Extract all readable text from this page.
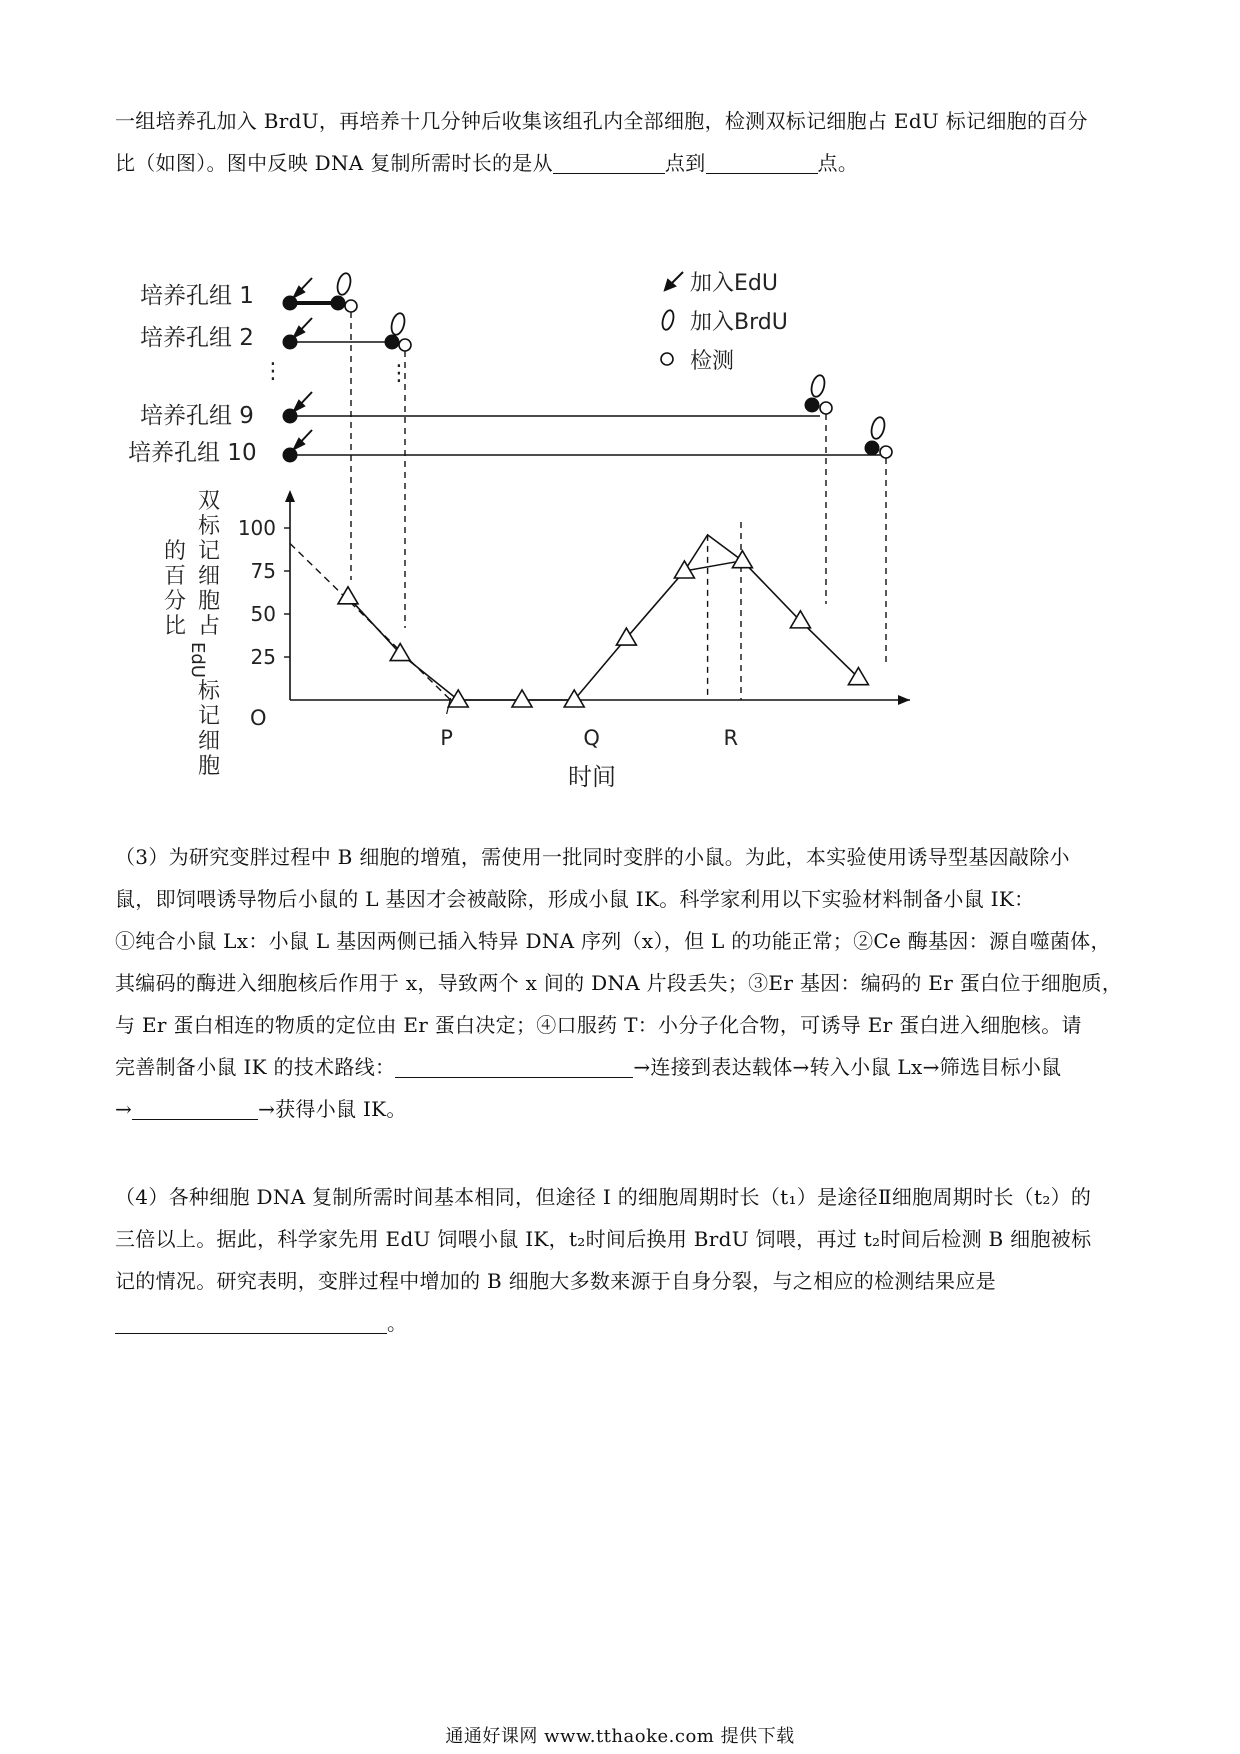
一组培养孔加入 BrdU，再培养十几分钟后收集该组孔内全部细胞，检测双标记细胞占 EdU 标记细胞的百分

比（如图）。图中反映 DNA 复制所需时长的是从	点到	点。

培养孔组 1
培养孔组 2
培养孔组 9
培养孔组 10
⋮	⋮
加入EdU
加入BrdU
检测
双
标
记
细
胞
占
EdU
标
记
细
胞
的
百
分
比
100
75
50
25
P	Q	R
O
时间

（3）为研究变胖过程中 B 细胞的增殖，需使用一批同时变胖的小鼠。为此，本实验使用诱导型基因敲除小

鼠，即饲喂诱导物后小鼠的 L 基因才会被敲除，形成小鼠 IK。科学家利用以下实验材料制备小鼠 IK：

①纯合小鼠 Lx：小鼠 L 基因两侧已插入特异 DNA 序列（x），但 L 的功能正常；②Ce 酶基因：源自噬菌体，

其编码的酶进入细胞核后作用于 x，导致两个 x 间的 DNA 片段丢失；③Er 基因：编码的 Er 蛋白位于细胞质，

与 Er 蛋白相连的物质的定位由 Er 蛋白决定；④口服药 T：小分子化合物，可诱导 Er 蛋白进入细胞核。请

完善制备小鼠 IK 的技术路线：	→连接到表达载体→转入小鼠 Lx→筛选目标小鼠

→	→获得小鼠 IK。

（4）各种细胞 DNA 复制所需时间基本相同，但途径 I 的细胞周期时长（t₁）是途径Ⅱ细胞周期时长（t₂）的

三倍以上。据此，科学家先用 EdU 饲喂小鼠 IK，t₂时间后换用 BrdU 饲喂，再过 t₂时间后检测 B 细胞被标

记的情况。研究表明，变胖过程中增加的 B 细胞大多数来源于自身分裂，与之相应的检测结果应是

。

通通好课网 www.tthaoke.com 提供下载
